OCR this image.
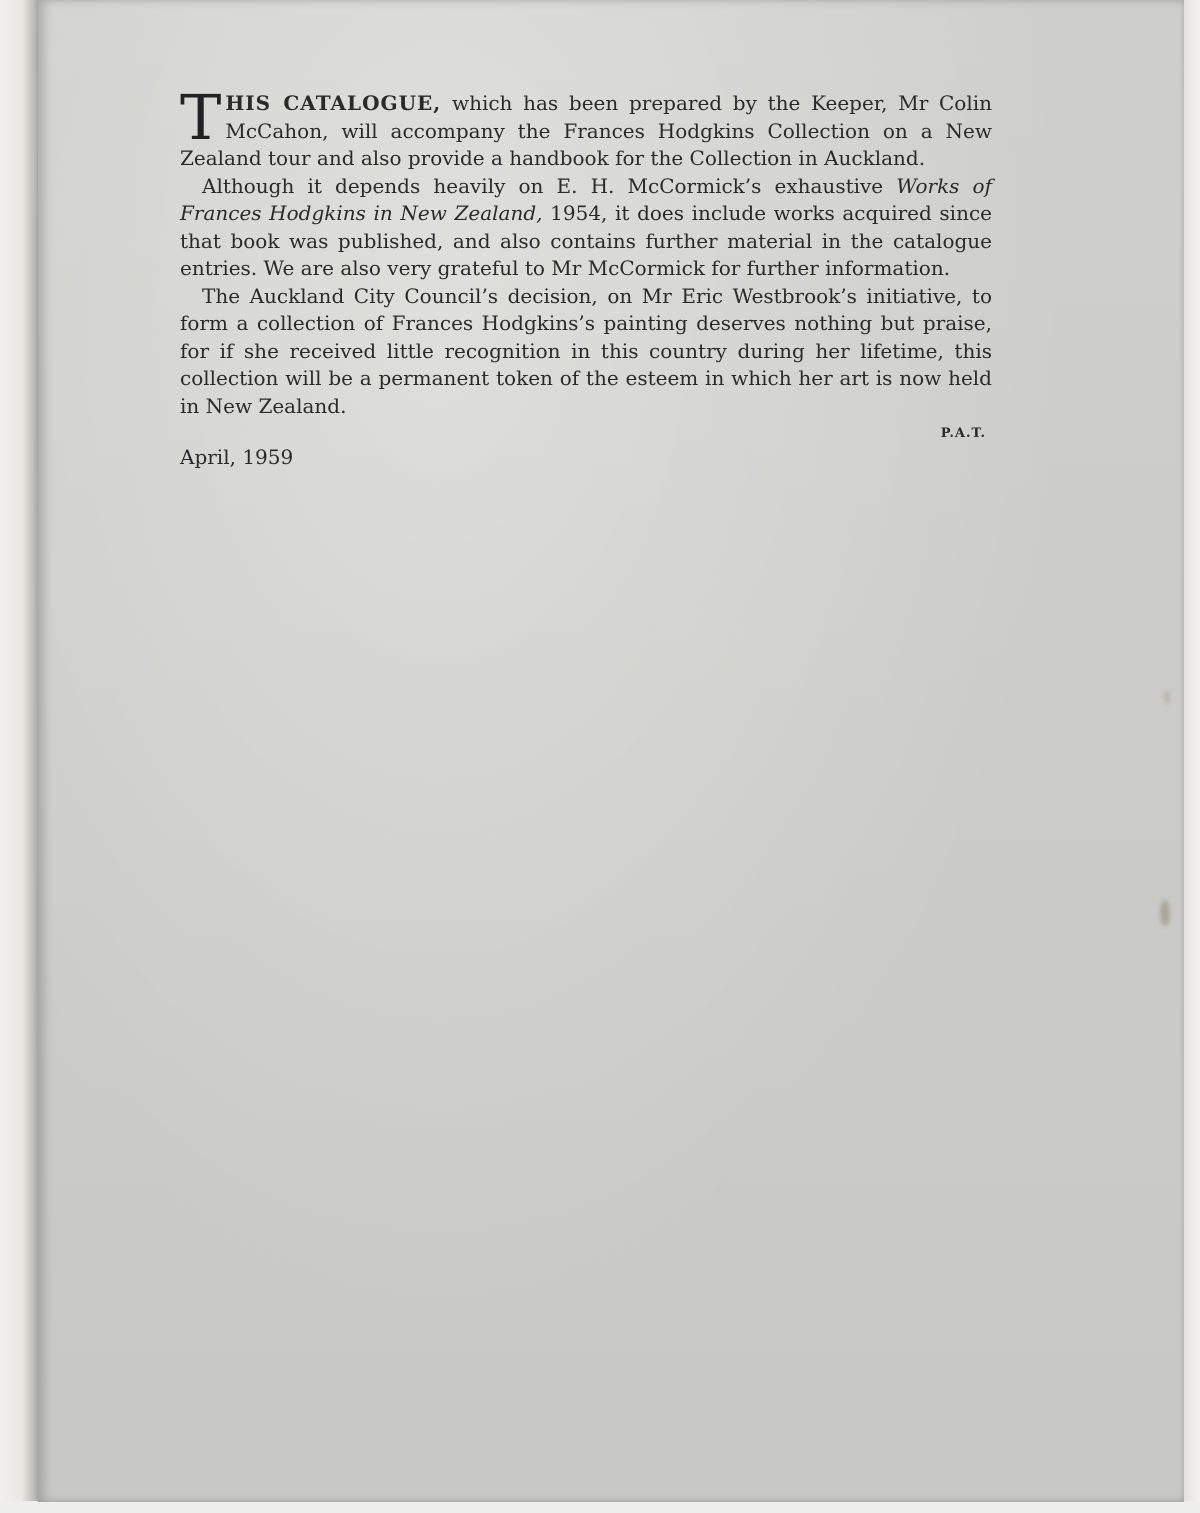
THIS CATALOGUE, which has been prepared by the Keeper, Mr Colin McCahon, will accompany the Frances Hodgkins Collection on a New Zealand tour and also provide a handbook for the Collection in Auckland.

Although it depends heavily on E. H. McCormick’s exhaustive Works of Frances Hodgkins in New Zealand, 1954, it does include works acquired since that book was published, and also contains further material in the catalogue entries. We are also very grateful to Mr McCormick for further information.

The Auckland City Council’s decision, on Mr Eric Westbrook’s initiative, to form a collection of Frances Hodgkins’s painting deserves nothing but praise, for if she received little recognition in this country during her lifetime, this collection will be a permanent token of the esteem in which her art is now held in New Zealand.

P.A.T.
April, 1959
